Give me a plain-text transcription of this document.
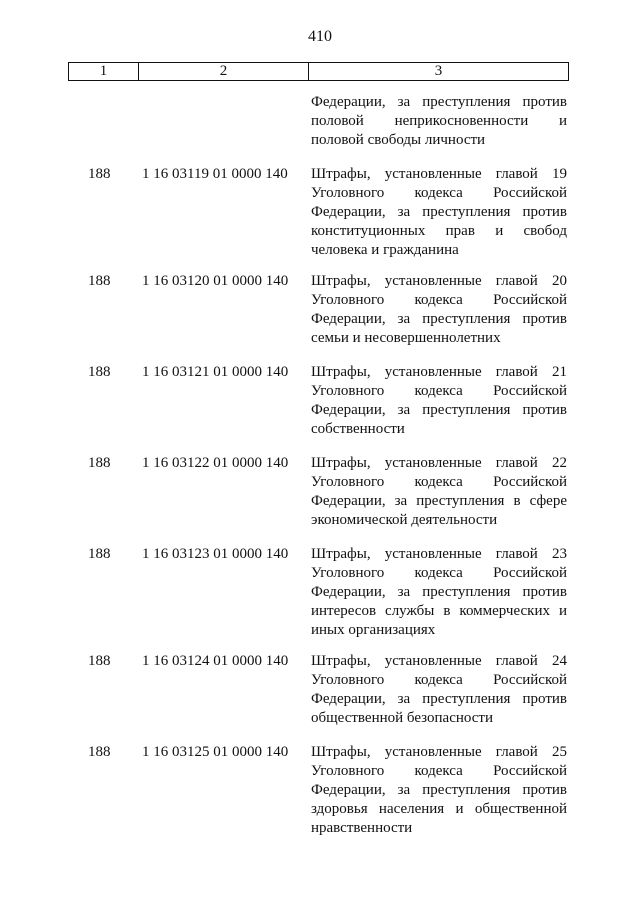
410
1	2	3
Федерации, за преступления против
половой неприкосновенности и
половой свободы личности
188	1 16 03119 01 0000 140	Штрафы, установленные главой 19
Уголовного кодекса Российской
Федерации, за преступления против
конституционных прав и свобод
человека и гражданина
188	1 16 03120 01 0000 140	Штрафы, установленные главой 20
Уголовного кодекса Российской
Федерации, за преступления против
семьи и несовершеннолетних
188	1 16 03121 01 0000 140	Штрафы, установленные главой 21
Уголовного кодекса Российской
Федерации, за преступления против
собственности
188	1 16 03122 01 0000 140	Штрафы, установленные главой 22
Уголовного кодекса Российской
Федерации, за преступления в сфере
экономической деятельности
188	1 16 03123 01 0000 140	Штрафы, установленные главой 23
Уголовного кодекса Российской
Федерации, за преступления против
интересов службы в коммерческих и
иных организациях
188	1 16 03124 01 0000 140	Штрафы, установленные главой 24
Уголовного кодекса Российской
Федерации, за преступления против
общественной безопасности
188	1 16 03125 01 0000 140	Штрафы, установленные главой 25
Уголовного кодекса Российской
Федерации, за преступления против
здоровья населения и общественной
нравственности
